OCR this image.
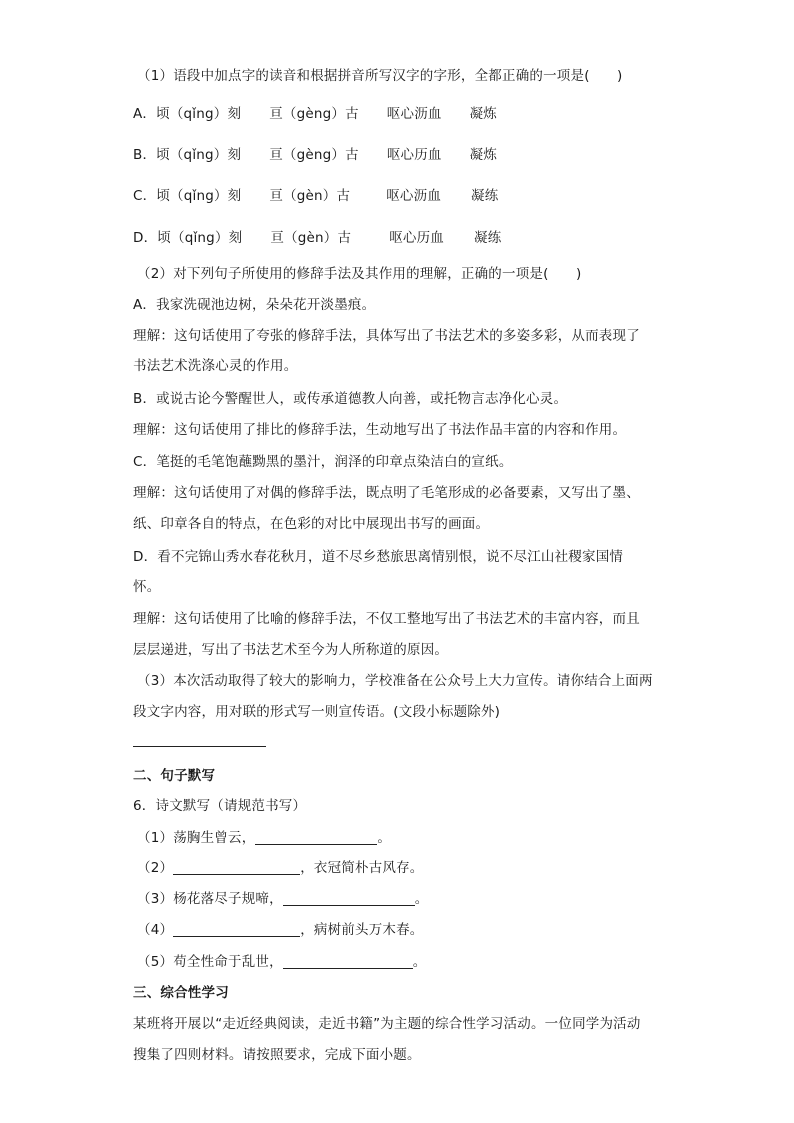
（1）语段中加点字的读音和根据拼音所写汉字的字形，全都正确的一项是(　　)
A．顷（qǐng）刻 亘（gèng）古 呕心沥血 凝炼
B．顷（qǐng）刻 亘（gèng）古 呕心历血 凝炼
C．顷（qǐng）刻 亘（gèn）古	呕心沥血 凝练
D．顷（qǐng）刻 亘（gèn）古	呕心历血 凝练
（2）对下列句子所使用的修辞手法及其作用的理解，正确的一项是(　　)
A．我家洗砚池边树，朵朵花开淡墨痕。
理解：这句话使用了夸张的修辞手法，具体写出了书法艺术的多姿多彩，从而表现了
书法艺术洗涤心灵的作用。
B．或说古论今警醒世人，或传承道德教人向善，或托物言志净化心灵。
理解：这句话使用了排比的修辞手法，生动地写出了书法作品丰富的内容和作用。
C．笔挺的毛笔饱蘸黝黑的墨汁，润泽的印章点染洁白的宣纸。
理解：这句话使用了对偶的修辞手法，既点明了毛笔形成的必备要素，又写出了墨、
纸、印章各自的特点，在色彩的对比中展现出书写的画面。
D．看不完锦山秀水春花秋月，道不尽乡愁旅思离情别恨，说不尽江山社稷家国情
怀。
理解：这句话使用了比喻的修辞手法，不仅工整地写出了书法艺术的丰富内容，而且
层层递进，写出了书法艺术至今为人所称道的原因。
（3）本次活动取得了较大的影响力，学校准备在公众号上大力宣传。请你结合上面两
段文字内容，用对联的形式写一则宣传语。(文段小标题除外)
二、句子默写
6．诗文默写（请规范书写）
（1）荡胸生曾云，	。
（2）	，衣冠简朴古风存。
（3）杨花落尽子规啼，	。
（4）	，病树前头万木春。
（5）苟全性命于乱世，	。
三、综合性学习
某班将开展以“走近经典阅读，走近书籍”为主题的综合性学习活动。一位同学为活动
搜集了四则材料。请按照要求，完成下面小题。
